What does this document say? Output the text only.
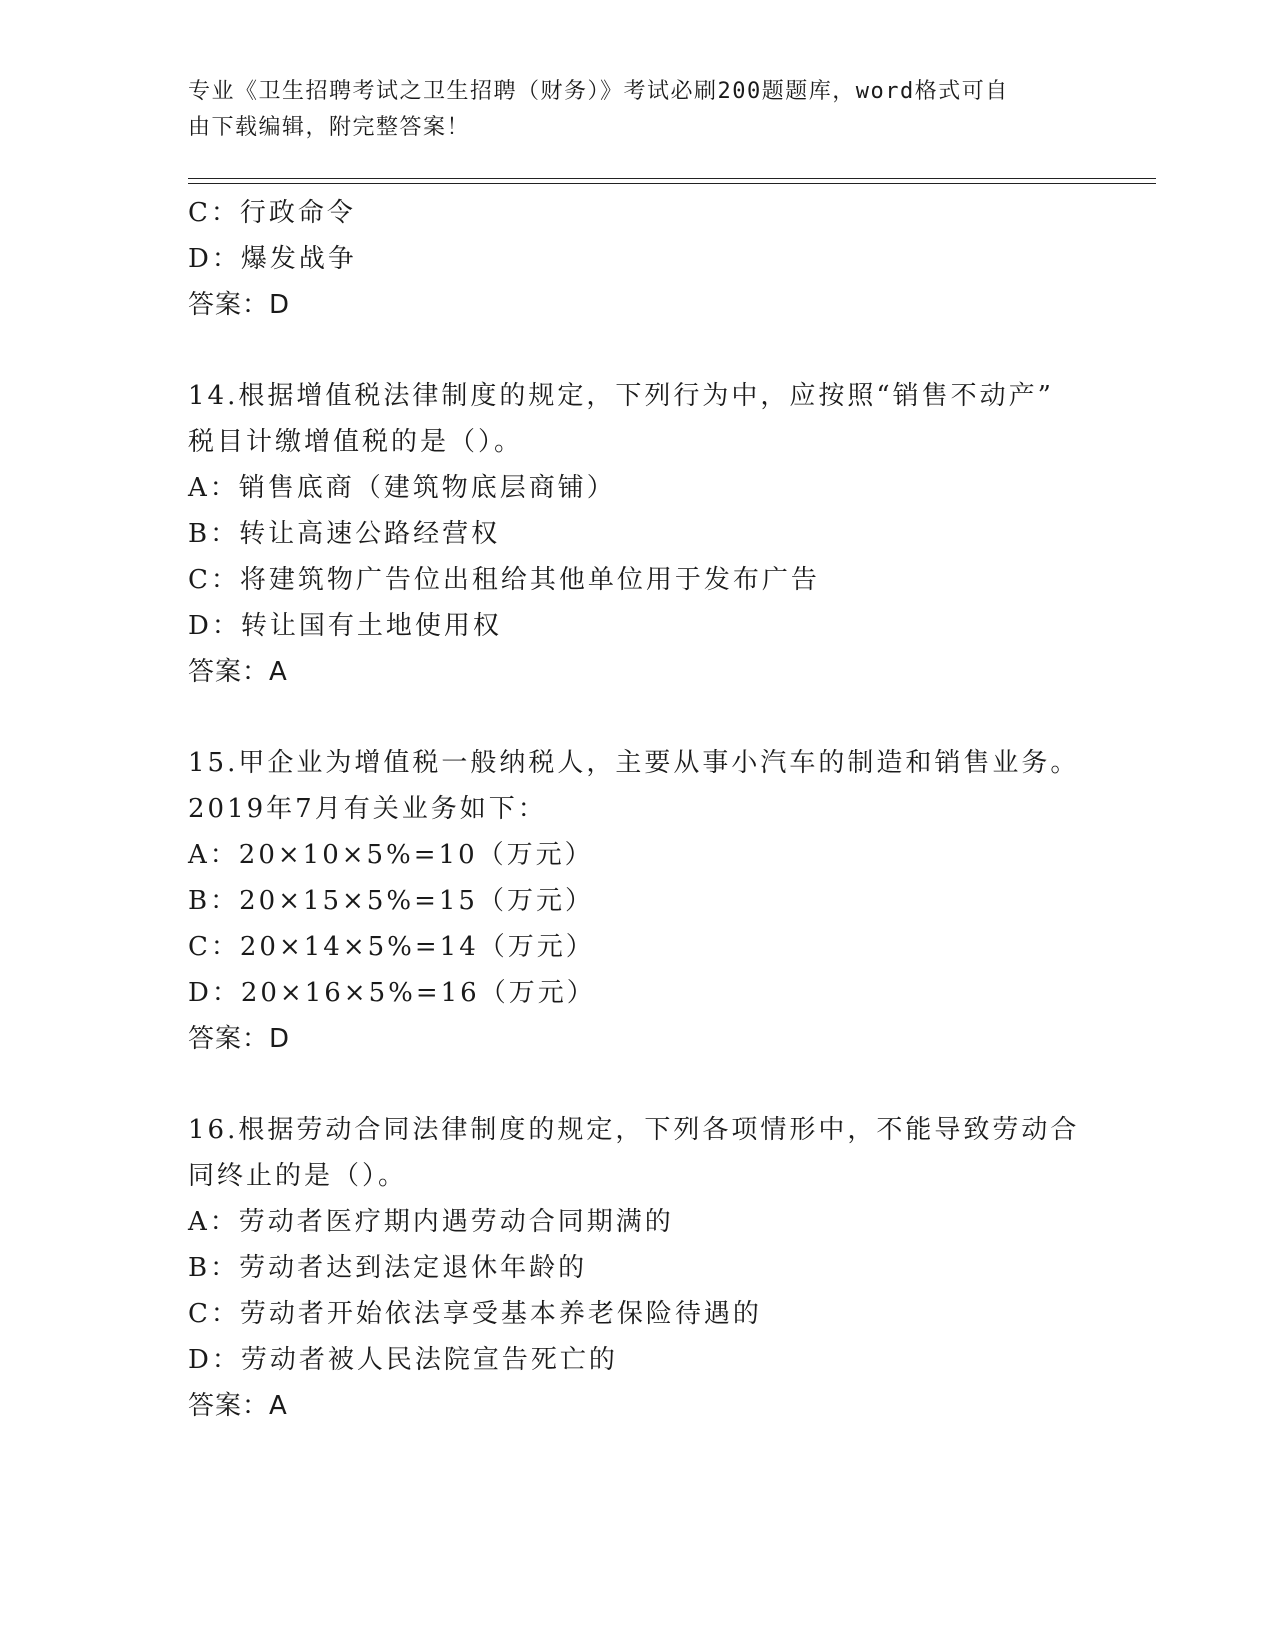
专业《卫生招聘考试之卫生招聘（财务）》考试必刷200题题库，word格式可自
由下载编辑，附完整答案！
C：行政命令
D：爆发战争
答案：D
14.根据增值税法律制度的规定，下列行为中，应按照“销售不动产”
税目计缴增值税的是（）。
A：销售底商（建筑物底层商铺）
B：转让高速公路经营权
C：将建筑物广告位出租给其他单位用于发布广告
D：转让国有土地使用权
答案：A
15.甲企业为增值税一般纳税人，主要从事小汽车的制造和销售业务。
2019年7月有关业务如下：
A：20×10×5%=10（万元）
B：20×15×5%=15（万元）
C：20×14×5%=14（万元）
D：20×16×5%=16（万元）
答案：D
16.根据劳动合同法律制度的规定，下列各项情形中，不能导致劳动合
同终止的是（）。
A：劳动者医疗期内遇劳动合同期满的
B：劳动者达到法定退休年龄的
C：劳动者开始依法享受基本养老保险待遇的
D：劳动者被人民法院宣告死亡的
答案：A
